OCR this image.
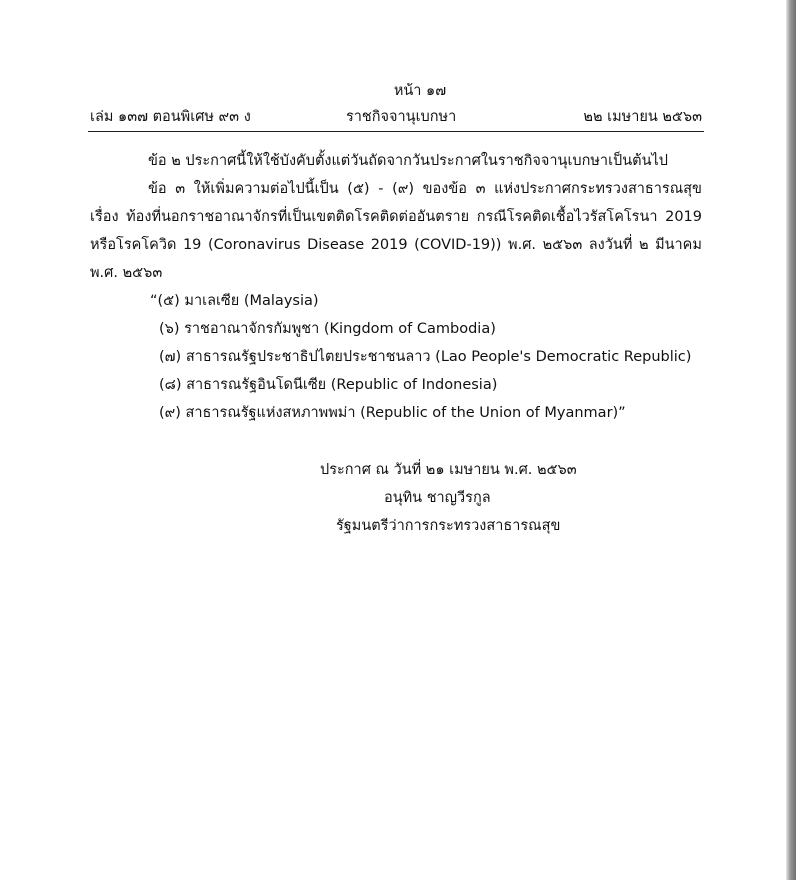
หน้า ๑๗
เล่ม ๑๓๗ ตอนพิเศษ ๙๓ ง	ราชกิจจานุเบกษา	๒๒ เมษายน ๒๕๖๓
ข้อ ๒ ประกาศนี้ให้ใช้บังคับตั้งแต่วันถัดจากวันประกาศในราชกิจจานุเบกษาเป็นต้นไป
ข้อ ๓ ให้เพิ่มความต่อไปนี้เป็น (๕) - (๙) ของข้อ ๓ แห่งประกาศกระทรวงสาธารณสุข
เรื่อง ท้องที่นอกราชอาณาจักรที่เป็นเขตติดโรคติดต่ออันตราย กรณีโรคติดเชื้อไวรัสโคโรนา 2019
หรือโรคโควิด 19 (Coronavirus Disease 2019 (COVID-19)) พ.ศ. ๒๕๖๓ ลงวันที่ ๒ มีนาคม
พ.ศ. ๒๕๖๓
“(๕) มาเลเซีย (Malaysia)
(๖) ราชอาณาจักรกัมพูชา (Kingdom of Cambodia)
(๗) สาธารณรัฐประชาธิปไตยประชาชนลาว (Lao People's Democratic Republic)
(๘) สาธารณรัฐอินโดนีเซีย (Republic of Indonesia)
(๙) สาธารณรัฐแห่งสหภาพพม่า (Republic of the Union of Myanmar)”
ประกาศ ณ วันที่ ๒๑ เมษายน พ.ศ. ๒๕๖๓
อนุทิน ชาญวีรกูล
รัฐมนตรีว่าการกระทรวงสาธารณสุข
